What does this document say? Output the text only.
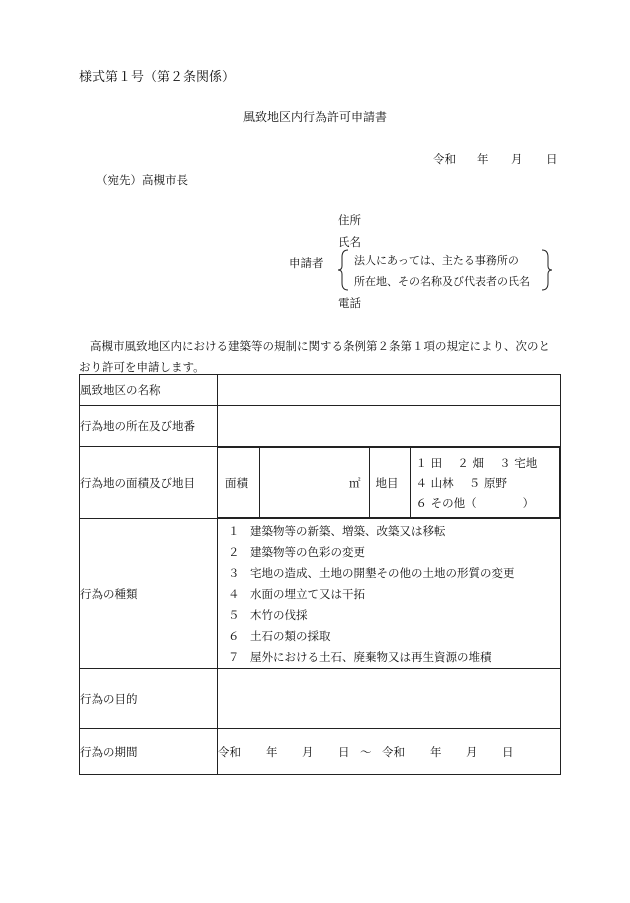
様式第１号（第２条関係）
風致地区内行為許可申請書
令和 年 月 日
（宛先）高槻市長
住所
氏名
申請者	法人にあっては、主たる事務所の
所在地、その名称及び代表者の氏名
電話
高槻市風致地区内における建築等の規制に関する条例第２条第１項の規定により、次のとおり許可を申請します。
風致地区の名称	
行為地の所在及び地番	
行為地の面積及び地目		面積	㎡	地目	
１ 田　 ２ 畑　 ３ 宅地
４ 山林　 ５ 原野
６ その他（　　　　）

行為の種類	
１ 建築物等の新築、増築、改築又は移転
２ 建築物等の色彩の変更
３ 宅地の造成、土地の開墾その他の土地の形質の変更
４ 水面の埋立て又は干拓
５ 木竹の伐採
６ 土石の類の採取
７ 屋外における土石、廃棄物又は再生資源の堆積

行為の目的	
行為の期間	令和 年 月 日 ～ 令和 年 月 日
